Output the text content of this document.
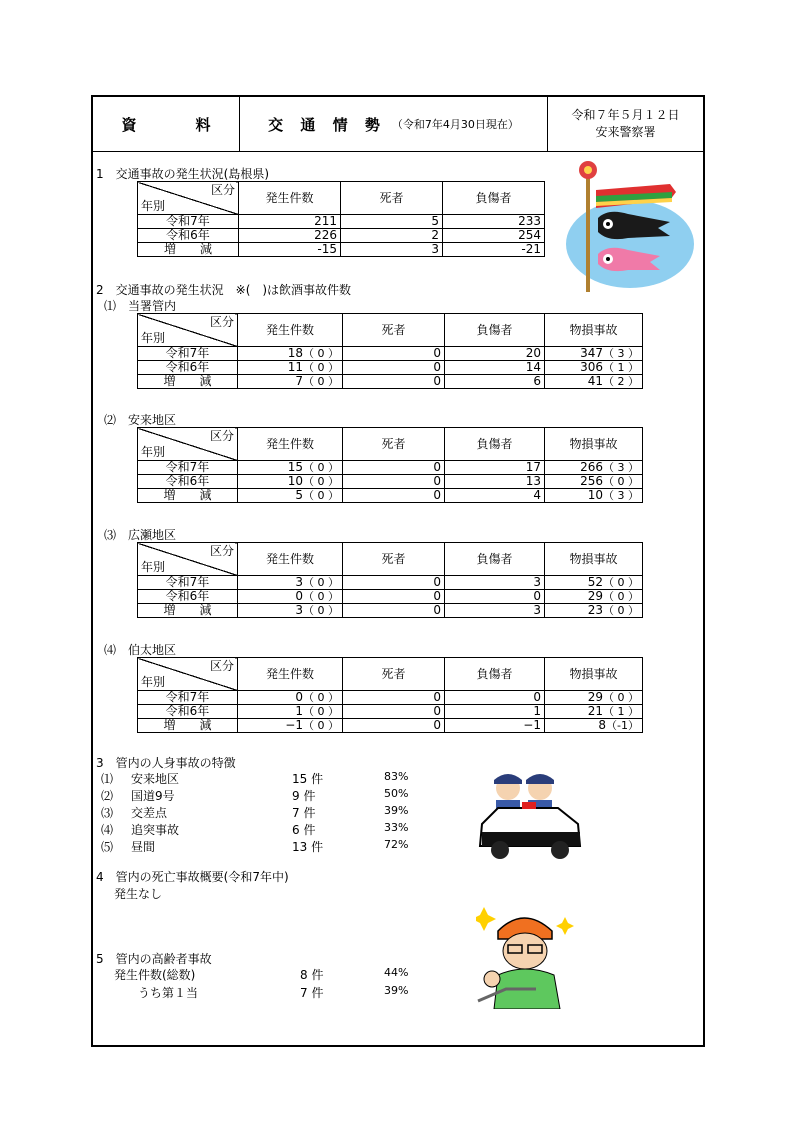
資　料	交 通 情 勢 （令和7年4月30日現在）
令和７年５月１２日
安来警察署
1　交通事故の発生状況(島根県)
区分
年別	発生件数	死者	負傷者
令和7年	211	5	233
令和6年	226	2	254
増　　減	-15	3	-21
2　交通事故の発生状況　※(　)は飲酒事故件数
⑴　当署管内
区分
年別	発生件数	死者	負傷者	物損事故
令和7年	18（ 0 ）	0	20	347（ 3 ）
令和6年	11（ 0 ）	0	14	306（ 1 ）
増　　減	7（ 0 ）	0	6	41（ 2 ）
⑵　安来地区
区分
年別	発生件数	死者	負傷者	物損事故
令和7年	15（ 0 ）	0	17	266（ 3 ）
令和6年	10（ 0 ）	0	13	256（ 0 ）
増　　減	5（ 0 ）	0	4	10（ 3 ）
⑶　広瀬地区
区分
年別	発生件数	死者	負傷者	物損事故
令和7年	3（ 0 ）	0	3	52（ 0 ）
令和6年	0（ 0 ）	0	0	29（ 0 ）
増　　減	3（ 0 ）	0	3	23（ 0 ）
⑷　伯太地区
区分
年別	発生件数	死者	負傷者	物損事故
令和7年	0（ 0 ）	0	0	29（ 0 ）
令和6年	1（ 0 ）	0	1	21（ 1 ）
増　　減	−1（ 0 ）	0	−1	8（-1）
3　管内の人身事故の特徴
⑴ 安来地区	15 件	83%
⑵ 国道9号	9 件	50%
⑶ 交差点	7 件	39%
⑷ 追突事故	6 件	33%
⑸ 昼間	13 件	72%
4　管内の死亡事故概要(令和7年中)
発生なし
5　管内の高齢者事故
発生件数(総数)	8 件	44%
うち第１当	7 件	39%
